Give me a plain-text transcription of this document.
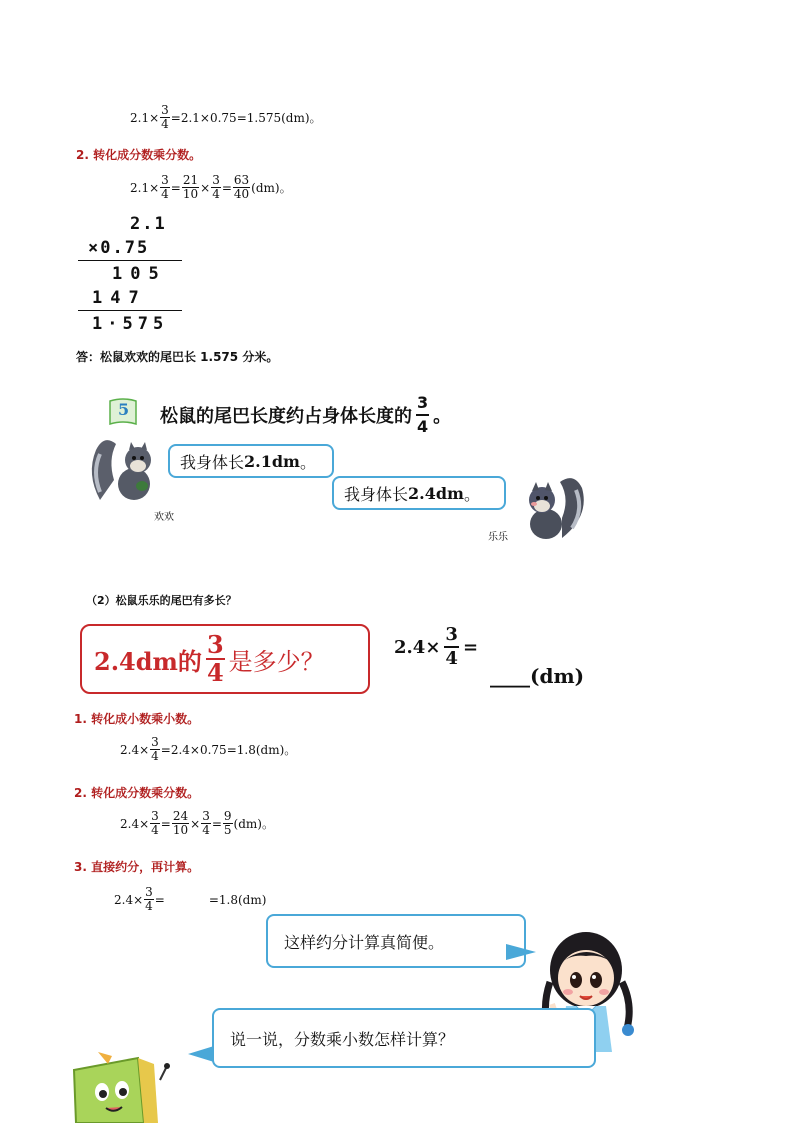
$2.1\times \frac{3}{4} =2.1\times 0.75=1.575(dm)$。
2. 转化成分数乘分数。
$2.1\times \frac{3}{4} = \frac{21}{10} \times \frac{3}{4} = \frac{63}{40} (dm)$。
2.1
×0.75
105
147
1·575
答：松鼠欢欢的尾巴长 1.575 分米。
5 松鼠的尾巴长度约占身体长度的 $\frac{3}{4}$ 。
欢欢
我身体长 2.1dm 。
我身体长 2.4dm 。
乐乐
（2）松鼠乐乐的尾巴有多长？
2.4dm的 $\frac{3}{4}$ 是多少？
$2.4\times \frac{3}{4}$ =
____(dm)
1. 转化成小数乘小数。
$2.4\times \frac{3}{4} =2.4\times 0.75=1.8(dm)$。
2. 转化成分数乘分数。
$2.4\times \frac{3}{4} = \frac{24}{10} \times \frac{3}{4} = \frac{9}{5} (dm)$。
3. 直接约分，再计算。
$2.4\times \frac{3}{4}$ =	=1.8(dm)
这样约分计算真简便。
说一说，分数乘小数怎样计算？
